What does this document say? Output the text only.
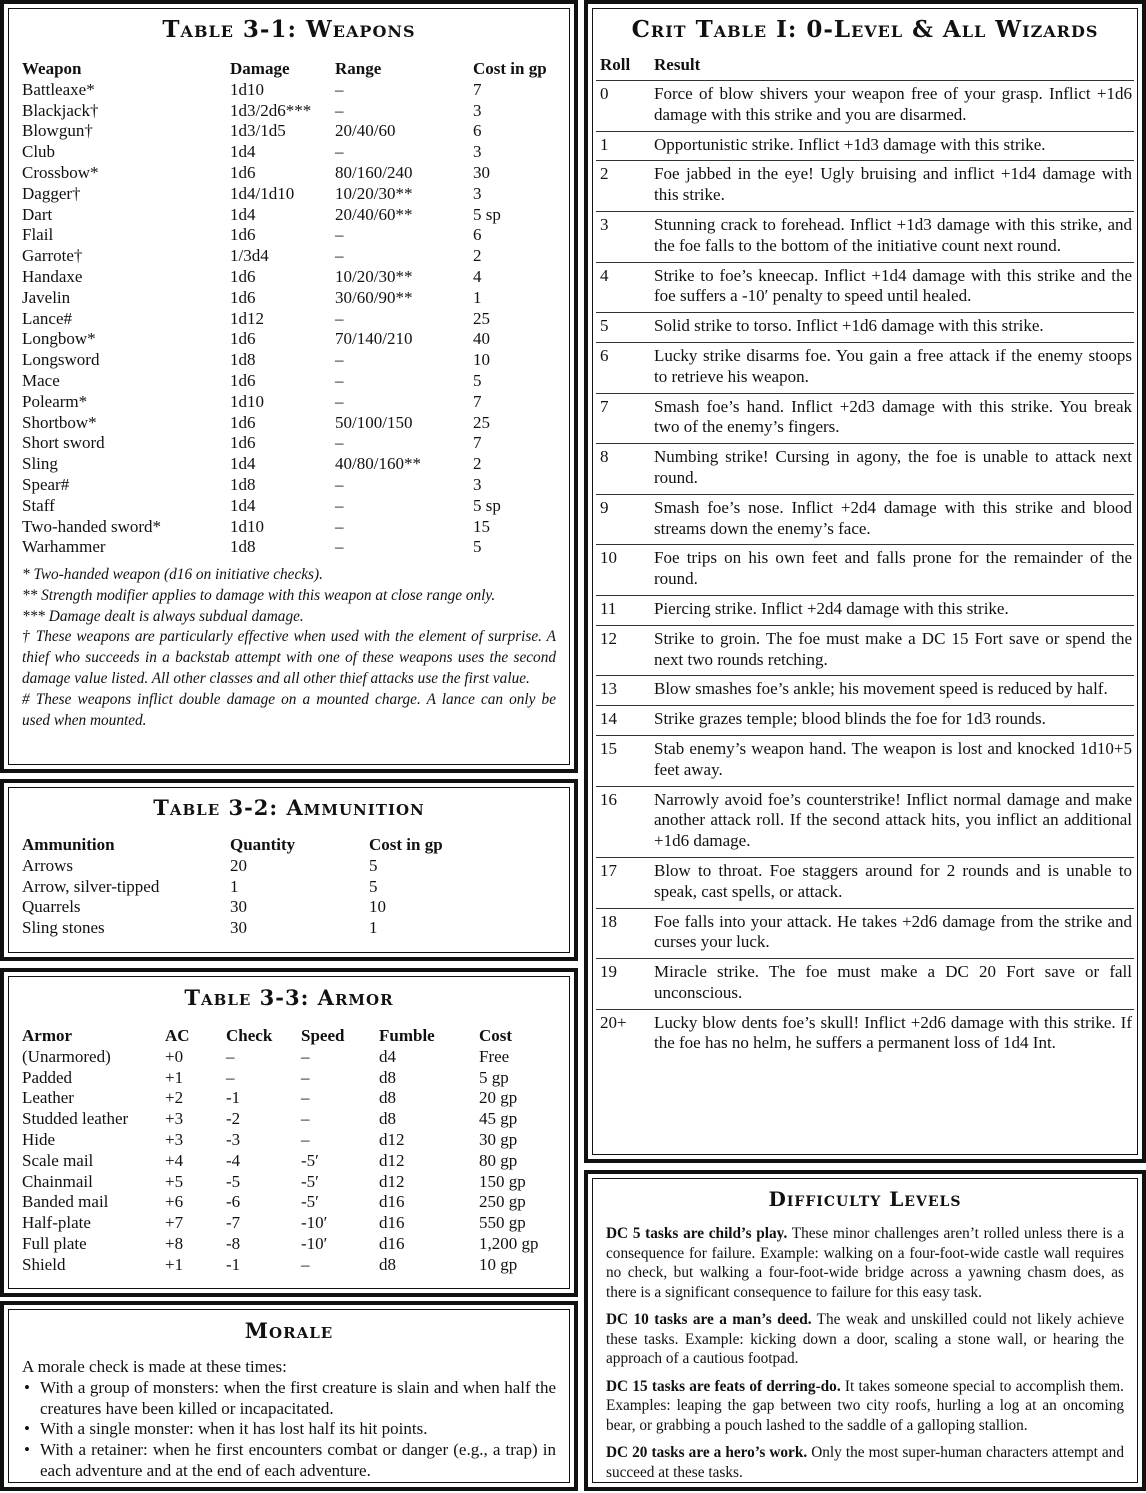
Table 3-1: Weapons
Weapon	Damage	Range	Cost in gp
Battleaxe*	1d10	–	7
Blackjack†	1d3/2d6***	–	3
Blowgun†	1d3/1d5	20/40/60	6
Club	1d4	–	3
Crossbow*	1d6	80/160/240	30
Dagger†	1d4/1d10	10/20/30**	3
Dart	1d4	20/40/60**	5 sp
Flail	1d6	–	6
Garrote†	1/3d4	–	2
Handaxe	1d6	10/20/30**	4
Javelin	1d6	30/60/90**	1
Lance#	1d12	–	25
Longbow*	1d6	70/140/210	40
Longsword	1d8	–	10
Mace	1d6	–	5
Polearm*	1d10	–	7
Shortbow*	1d6	50/100/150	25
Short sword	1d6	–	7
Sling	1d4	40/80/160**	2
Spear#	1d8	–	3
Staff	1d4	–	5 sp
Two-handed sword*	1d10	–	15
Warhammer	1d8	–	5

* Two-handed weapon (d16 on initiative checks).

** Strength modifier applies to damage with this weapon at close range only.

*** Damage dealt is always subdual damage.

† These weapons are particularly effective when used with the element of surprise. A thief who succeeds in a backstab attempt with one of these weapons uses the second damage value listed. All other classes and all other thief attacks use the first value.

# These weapons inflict double damage on a mounted charge. A lance can only be used when mounted.

Table 3-2: Ammunition
Ammunition	Quantity	Cost in gp
Arrows	20	5
Arrow, silver-tipped	1	5
Quarrels	30	10
Sling stones	30	1
Table 3-3: Armor
Armor	AC	Check	Speed	Fumble	Cost
(Unarmored)	+0	–	–	d4	Free
Padded	+1	–	–	d8	5 gp
Leather	+2	-1	–	d8	20 gp
Studded leather	+3	-2	–	d8	45 gp
Hide	+3	-3	–	d12	30 gp
Scale mail	+4	-4	-5′	d12	80 gp
Chainmail	+5	-5	-5′	d12	150 gp
Banded mail	+6	-6	-5′	d16	250 gp
Half-plate	+7	-7	-10′	d16	550 gp
Full plate	+8	-8	-10′	d16	1,200 gp
Shield	+1	-1	–	d8	10 gp
Morale
A morale check is made at these times:
• With a group of monsters: when the first creature is slain and when half the creatures have been killed or incapacitated.
• With a single monster: when it has lost half its hit points.
• With a retainer: when he first encounters combat or danger (e.g., a trap) in each adventure and at the end of each adventure.
Crit Table I: 0-Level & All Wizards
Roll	Result
0	Force of blow shivers your weapon free of your grasp. Inflict +1d6 damage with this strike and you are disarmed.
1	Opportunistic strike. Inflict +1d3 damage with this strike.
2	Foe jabbed in the eye! Ugly bruising and inflict +1d4 damage with this strike.
3	Stunning crack to forehead. Inflict +1d3 damage with this strike, and the foe falls to the bottom of the initiative count next round.
4	Strike to foe’s kneecap. Inflict +1d4 damage with this strike and the foe suffers a -10′ penalty to speed until healed.
5	Solid strike to torso. Inflict +1d6 damage with this strike.
6	Lucky strike disarms foe. You gain a free attack if the enemy stoops to retrieve his weapon.
7	Smash foe’s hand. Inflict +2d3 damage with this strike. You break two of the enemy’s fingers.
8	Numbing strike! Cursing in agony, the foe is unable to attack next round.
9	Smash foe’s nose. Inflict +2d4 damage with this strike and blood streams down the enemy’s face.
10	Foe trips on his own feet and falls prone for the remainder of the round.
11	Piercing strike. Inflict +2d4 damage with this strike.
12	Strike to groin. The foe must make a DC 15 Fort save or spend the next two rounds retching.
13	Blow smashes foe’s ankle; his movement speed is reduced by half.
14	Strike grazes temple; blood blinds the foe for 1d3 rounds.
15	Stab enemy’s weapon hand. The weapon is lost and knocked 1d10+5 feet away.
16	Narrowly avoid foe’s counterstrike! Inflict normal damage and make another attack roll. If the second attack hits, you inflict an additional +1d6 damage.
17	Blow to throat. Foe staggers around for 2 rounds and is unable to speak, cast spells, or attack.
18	Foe falls into your attack. He takes +2d6 damage from the strike and curses your luck.
19	Miracle strike. The foe must make a DC 20 Fort save or fall unconscious.
20+	Lucky blow dents foe’s skull! Inflict +2d6 damage with this strike. If the foe has no helm, he suffers a permanent loss of 1d4 Int.
Difficulty Levels

DC 5 tasks are child’s play. These minor challenges aren’t rolled unless there is a consequence for failure. Example: walking on a four-foot-wide castle wall requires no check, but walking a four-foot-wide bridge across a yawning chasm does, as there is a significant consequence to failure for this easy task.

DC 10 tasks are a man’s deed. The weak and unskilled could not likely achieve these tasks. Example: kicking down a door, scaling a stone wall, or hearing the approach of a cautious footpad.

DC 15 tasks are feats of derring-do. It takes someone special to accomplish them. Examples: leaping the gap between two city roofs, hurling a log at an oncoming bear, or grabbing a pouch lashed to the saddle of a galloping stallion.

DC 20 tasks are a hero’s work. Only the most super-human characters attempt and succeed at these tasks.
